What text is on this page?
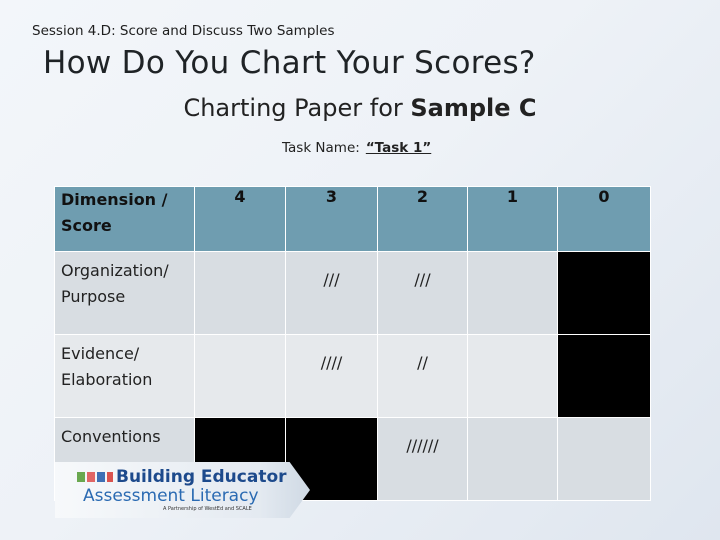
Session 4.D: Score and Discuss Two Samples
How Do You Chart Your Scores?
Charting Paper for Sample C
Task Name: “Task 1”
Dimension /
Score	4	3	2	1	0

Organization/
Purpose		///	///		

Evidence/
Elaboration		////	//		

Conventions			//////		
Building Educator
Assessment Literacy
A Partnership of WestEd and SCALE
